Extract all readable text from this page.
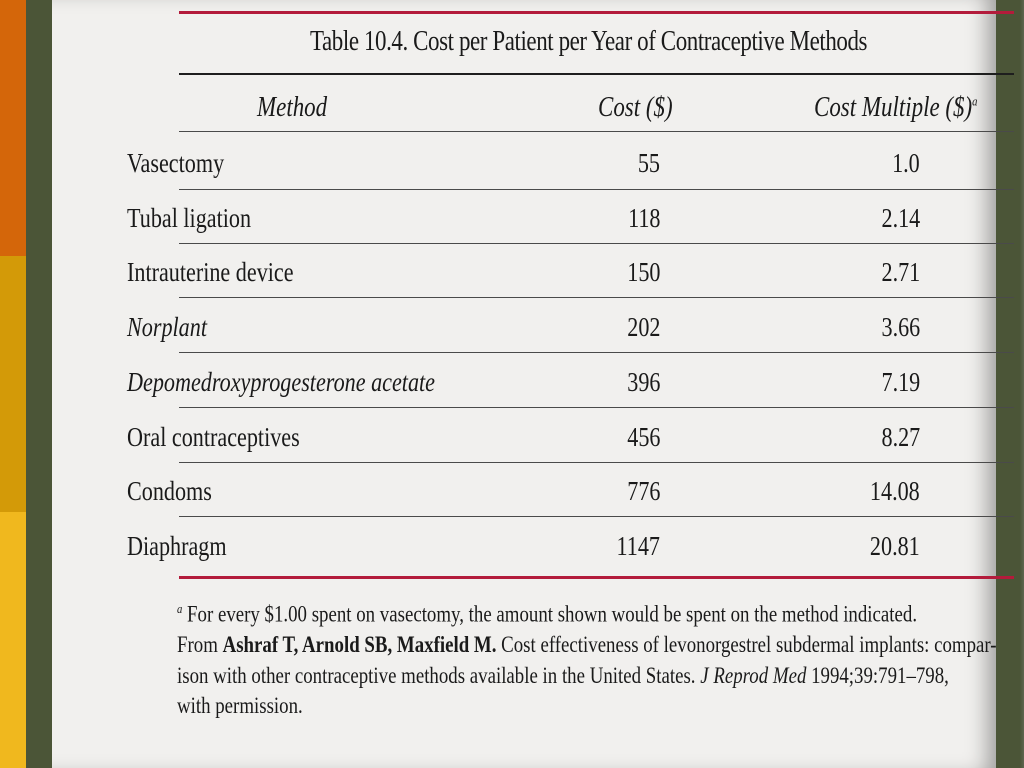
Table 10.4. Cost per Patient per Year of Contraceptive Methods
Method	Cost ($)	Cost Multiple ($)$^a$
Vasectomy	55	1.0
Tubal ligation	118	2.14
Intrauterine device	150	2.71
Norplant	202	3.66
Depomedroxyprogesterone acetate	396	7.19
Oral contraceptives	456	8.27
Condoms	776	14.08
Diaphragm	1147	20.81

$^a$ For every $1.00 spent on vasectomy, the amount shown would be spent on the method indicated.

From Ashraf T, Arnold SB, Maxfield M. Cost effectiveness of levonorgestrel subdermal implants: compar-

ison with other contraceptive methods available in the United States. J Reprod Med 1994;39:791–798,

with permission.
